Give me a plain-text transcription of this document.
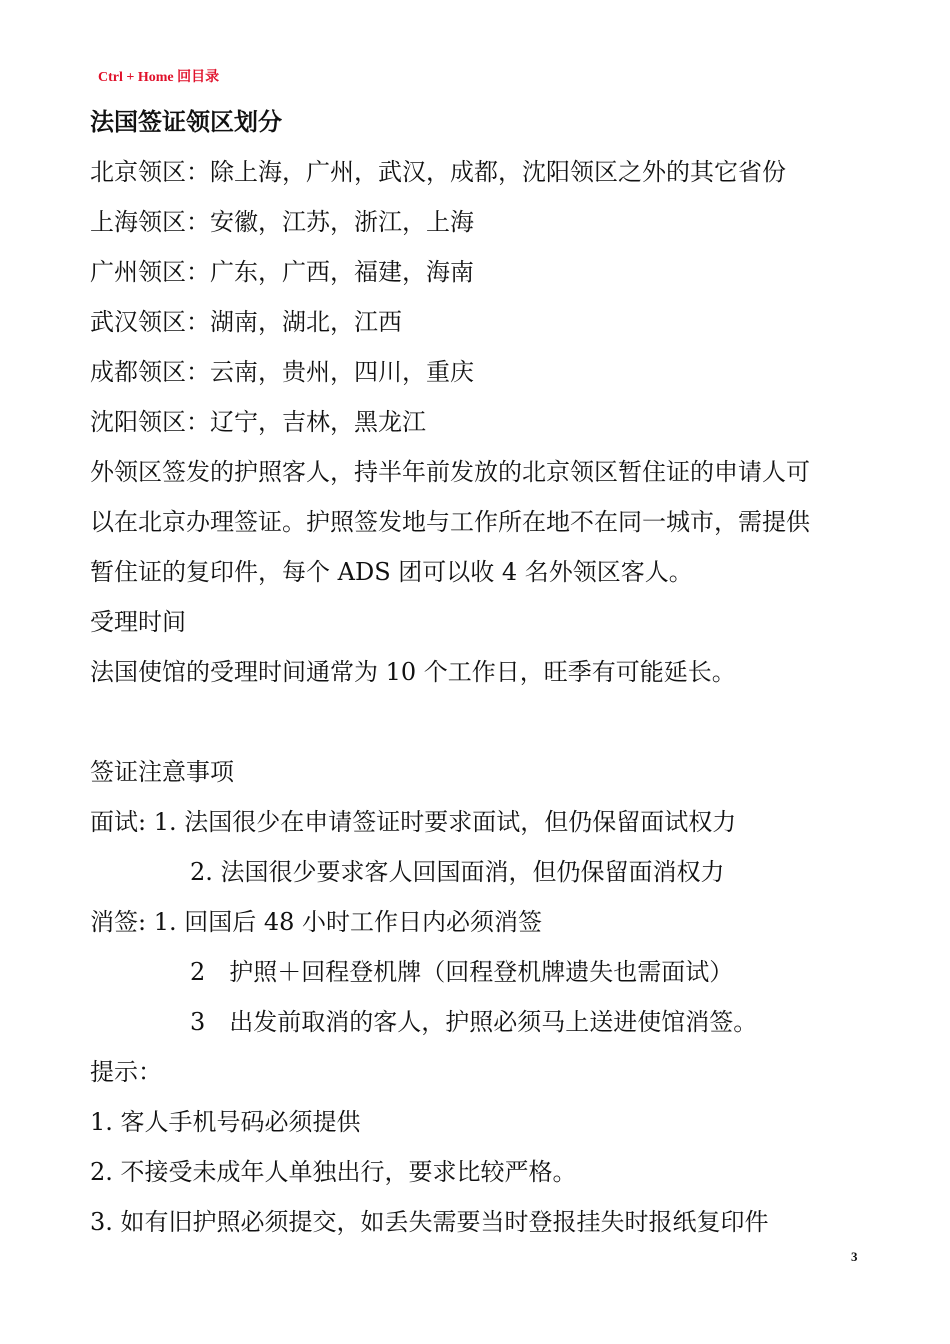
Ctrl + Home 回目录
法国签证领区划分

北京领区：除上海，广州，武汉，成都，沈阳领区之外的其它省份

上海领区：安徽，江苏，浙江，上海

广州领区：广东，广西，福建，海南

武汉领区：湖南，湖北，江西

成都领区：云南，贵州，四川，重庆

沈阳领区：辽宁，吉林，黑龙江

外领区签发的护照客人，持半年前发放的北京领区暂住证的申请人可

以在北京办理签证。护照签发地与工作所在地不在同一城市，需提供

暂住证的复印件，每个 ADS 团可以收 4 名外领区客人。

受理时间

法国使馆的受理时间通常为 10 个工作日，旺季有可能延长。

签证注意事项

面试: 1. 法国很少在申请签证时要求面试，但仍保留面试权力

2. 法国很少要求客人回国面消，但仍保留面消权力

消签: 1. 回国后 48 小时工作日内必须消签

2　护照＋回程登机牌（回程登机牌遗失也需面试）

3　出发前取消的客人，护照必须马上送进使馆消签。

提示：

1. 客人手机号码必须提供

2. 不接受未成年人单独出行，要求比较严格。

3. 如有旧护照必须提交，如丢失需要当时登报挂失时报纸复印件

3
